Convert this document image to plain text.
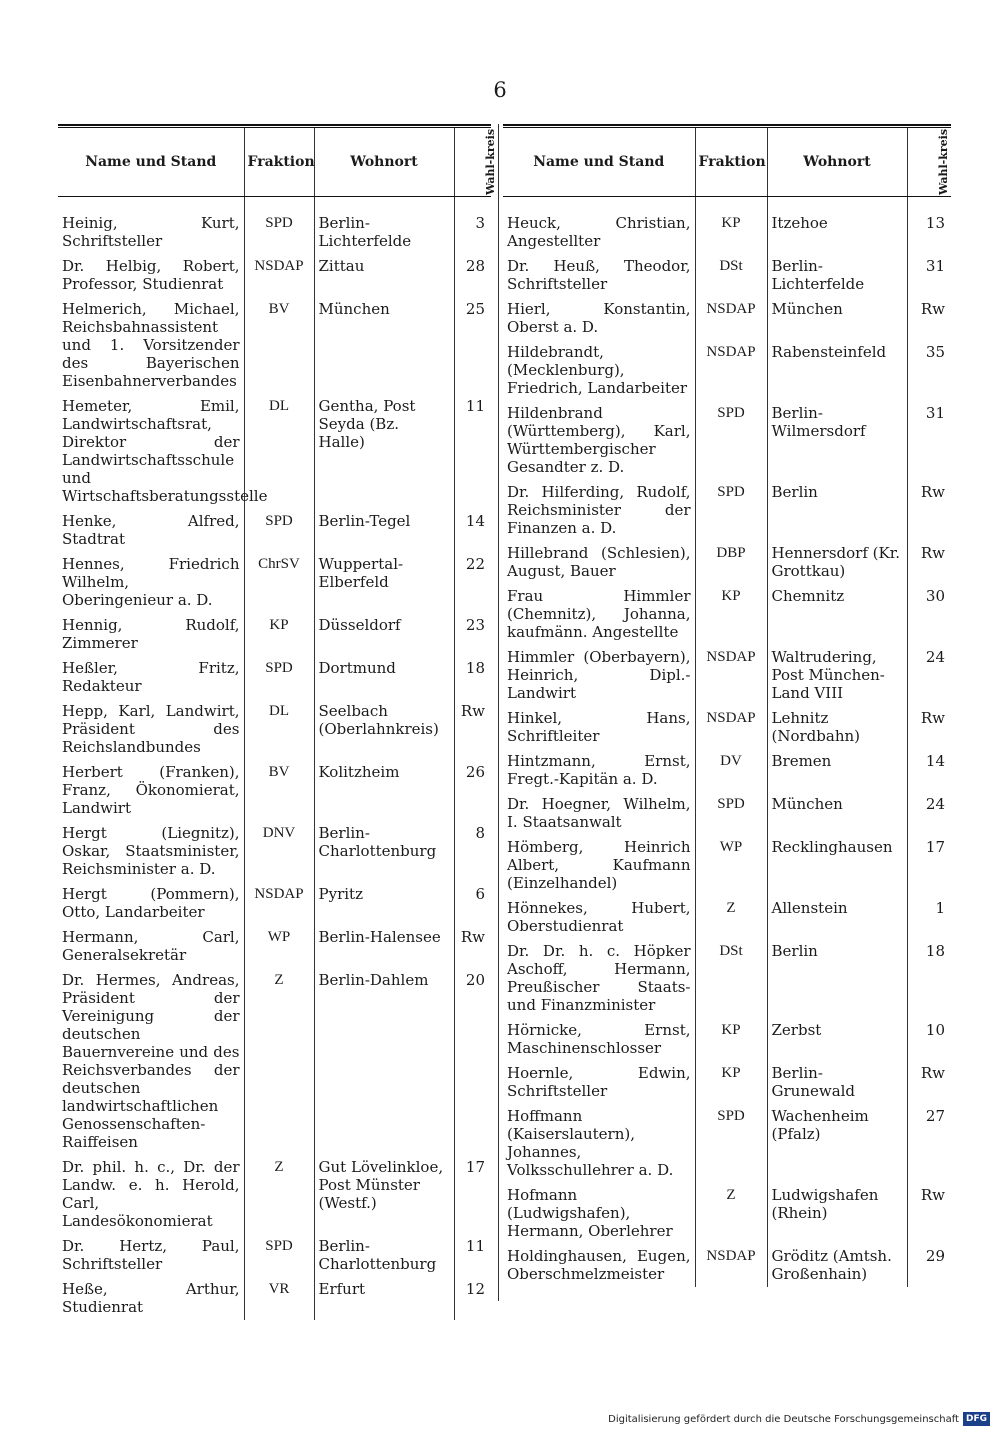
6
Name und Stand	Fraktion	Wohnort	Wahl-kreis

Heinig, Kurt, Schriftsteller	SPD	Berlin-Lichterfelde	3
Dr. Helbig, Robert, Professor, Studienrat	NSDAP	Zittau	28
Helmerich, Michael, Reichsbahnassistent und 1. Vorsitzender des Bayerischen Eisenbahnerverbandes	BV	München	25
Hemeter, Emil, Landwirtschaftsrat, Direktor der Landwirtschaftsschule und Wirtschaftsberatungsstelle	DL	Gentha, Post Seyda (Bz. Halle)	11
Henke, Alfred, Stadtrat	SPD	Berlin-Tegel	14
Hennes, Friedrich Wilhelm, Oberingenieur a. D.	ChrSV	Wuppertal-Elberfeld	22
Hennig, Rudolf, Zimmerer	KP	Düsseldorf	23
Heßler, Fritz, Redakteur	SPD	Dortmund	18
Hepp, Karl, Landwirt, Präsident des Reichslandbundes	DL	Seelbach (Oberlahnkreis)	Rw
Herbert (Franken), Franz, Ökonomierat, Landwirt	BV	Kolitzheim	26
Hergt (Liegnitz), Oskar, Staatsminister, Reichsminister a. D.	DNV	Berlin-Charlottenburg	8
Hergt (Pommern), Otto, Landarbeiter	NSDAP	Pyritz	6
Hermann, Carl, Generalsekretär	WP	Berlin-Halensee	Rw
Dr. Hermes, Andreas, Präsident der Vereinigung der deutschen Bauernvereine und des Reichsverbandes der deutschen landwirtschaftlichen Genossenschaften-Raiffeisen	Z	Berlin-Dahlem	20
Dr. phil. h. c., Dr. der Landw. e. h. Herold, Carl, Landesökonomierat	Z	Gut Lövelinkloe, Post Münster (Westf.)	17
Dr. Hertz, Paul, Schriftsteller	SPD	Berlin-Charlottenburg	11
Heße, Arthur, Studienrat	VR	Erfurt	12
Name und Stand	Fraktion	Wohnort	Wahl-kreis

Heuck, Christian, Angestellter	KP	Itzehoe	13
Dr. Heuß, Theodor, Schriftsteller	DSt	Berlin-Lichterfelde	31
Hierl, Konstantin, Oberst a. D.	NSDAP	München	Rw
Hildebrandt, (Mecklenburg), Friedrich, Landarbeiter	NSDAP	Rabensteinfeld	35
Hildenbrand (Württemberg), Karl, Württembergischer Gesandter z. D.	SPD	Berlin-Wilmersdorf	31
Dr. Hilferding, Rudolf, Reichsminister der Finanzen a. D.	SPD	Berlin	Rw
Hillebrand (Schlesien), August, Bauer	DBP	Hennersdorf (Kr. Grottkau)	Rw
Frau Himmler (Chemnitz), Johanna, kaufmänn. Angestellte	KP	Chemnitz	30
Himmler (Oberbayern), Heinrich, Dipl.-Landwirt	NSDAP	Waltrudering, Post München-Land VIII	24
Hinkel, Hans, Schriftleiter	NSDAP	Lehnitz (Nordbahn)	Rw
Hintzmann, Ernst, Fregt.-Kapitän a. D.	DV	Bremen	14
Dr. Hoegner, Wilhelm, I. Staatsanwalt	SPD	München	24
Hömberg, Heinrich Albert, Kaufmann (Einzelhandel)	WP	Recklinghausen	17
Hönnekes, Hubert, Oberstudienrat	Z	Allenstein	1
Dr. Dr. h. c. Höpker Aschoff, Hermann, Preußischer Staats- und Finanzminister	DSt	Berlin	18
Hörnicke, Ernst, Maschinenschlosser	KP	Zerbst	10
Hoernle, Edwin, Schriftsteller	KP	Berlin-Grunewald	Rw
Hoffmann (Kaiserslautern), Johannes, Volksschullehrer a. D.	SPD	Wachenheim (Pfalz)	27
Hofmann (Ludwigshafen), Hermann, Oberlehrer	Z	Ludwigshafen (Rhein)	Rw
Holdinghausen, Eugen, Oberschmelzmeister	NSDAP	Gröditz (Amtsh. Großenhain)	29
Digitalisierung gefördert durch die Deutsche Forschungsgemeinschaft DFG
